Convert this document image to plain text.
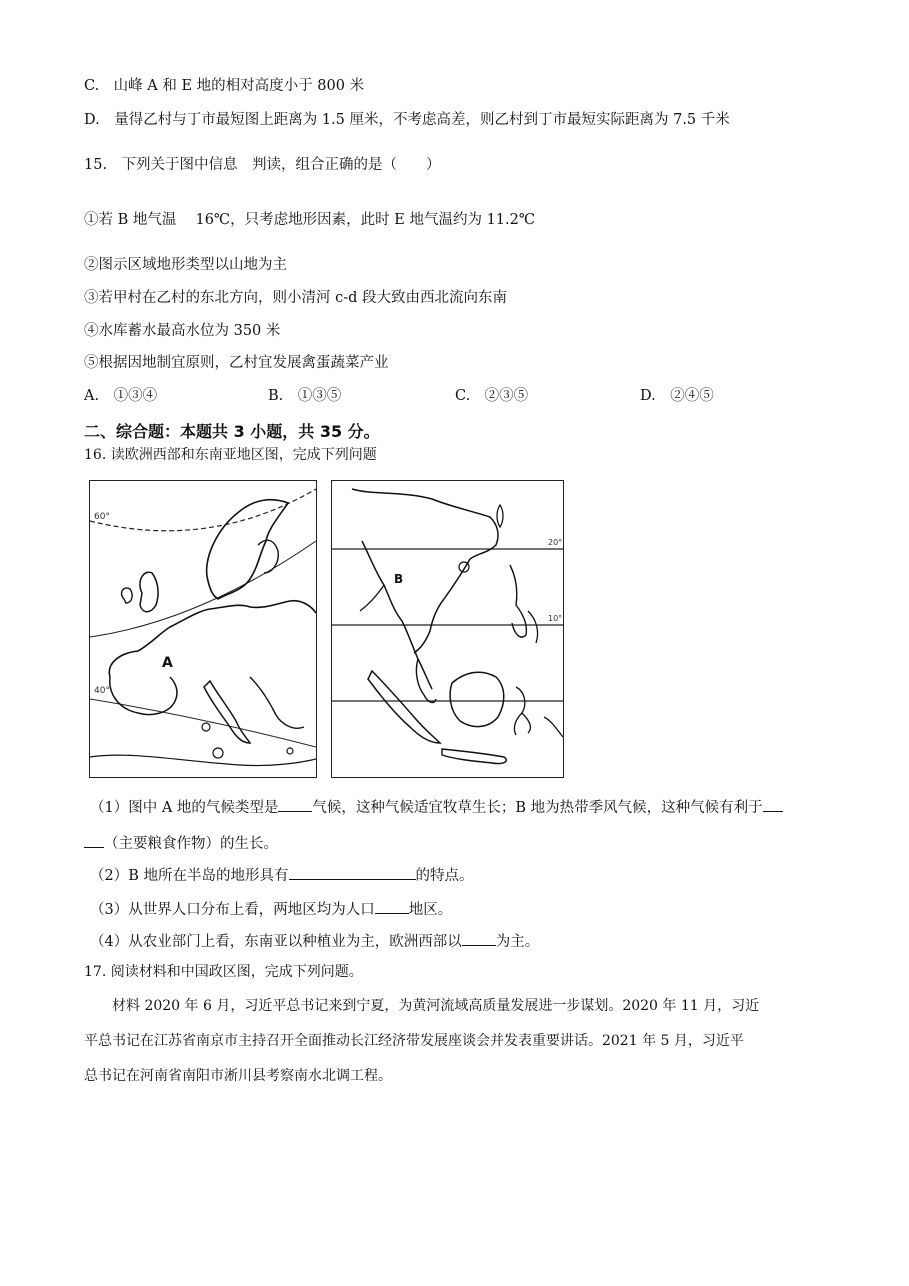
C.　山峰 A 和 E 地的相对高度小于 800 米
D.　量得乙村与丁市最短图上距离为 1.5 厘米，不考虑高差，则乙村到丁市最短实际距离为 7.5 千米
15.　下列关于图中信息　判读，组合正确的是（　　）
①若 B 地气温　 16℃，只考虑地形因素，此时 E 地气温约为 11.2℃
②图示区域地形类型以山地为主
③若甲村在乙村的东北方向，则小清河 c-d 段大致由西北流向东南
④水库蓄水最高水位为 350 米
⑤根据因地制宜原则，乙村宜发展禽蛋蔬菜产业
A.　①③④	B.　①③⑤	C.　②③⑤	D.　②④⑤
二、综合题：本题共 3 小题，共 35 分。
16. 读欧洲西部和东南亚地区图，完成下列问题
60°
40°
A
20°
10°
B
（1）图中 A 地的气候类型是 气候，这种气候适宜牧草生长；B 地为热带季风气候，这种气候有利于
（主要粮食作物）的生长。
（2）B 地所在半岛的地形具有	的特点。
（3）从世界人口分布上看，两地区均为人口 地区。
（4）从农业部门上看，东南亚以种植业为主，欧洲西部以 为主。
17. 阅读材料和中国政区图，完成下列问题。
材料 2020 年 6 月，习近平总书记来到宁夏，为黄河流域高质量发展进一步谋划。2020 年 11 月，习近
平总书记在江苏省南京市主持召开全面推动长江经济带发展座谈会并发表重要讲话。2021 年 5 月，习近平
总书记在河南省南阳市淅川县考察南水北调工程。
